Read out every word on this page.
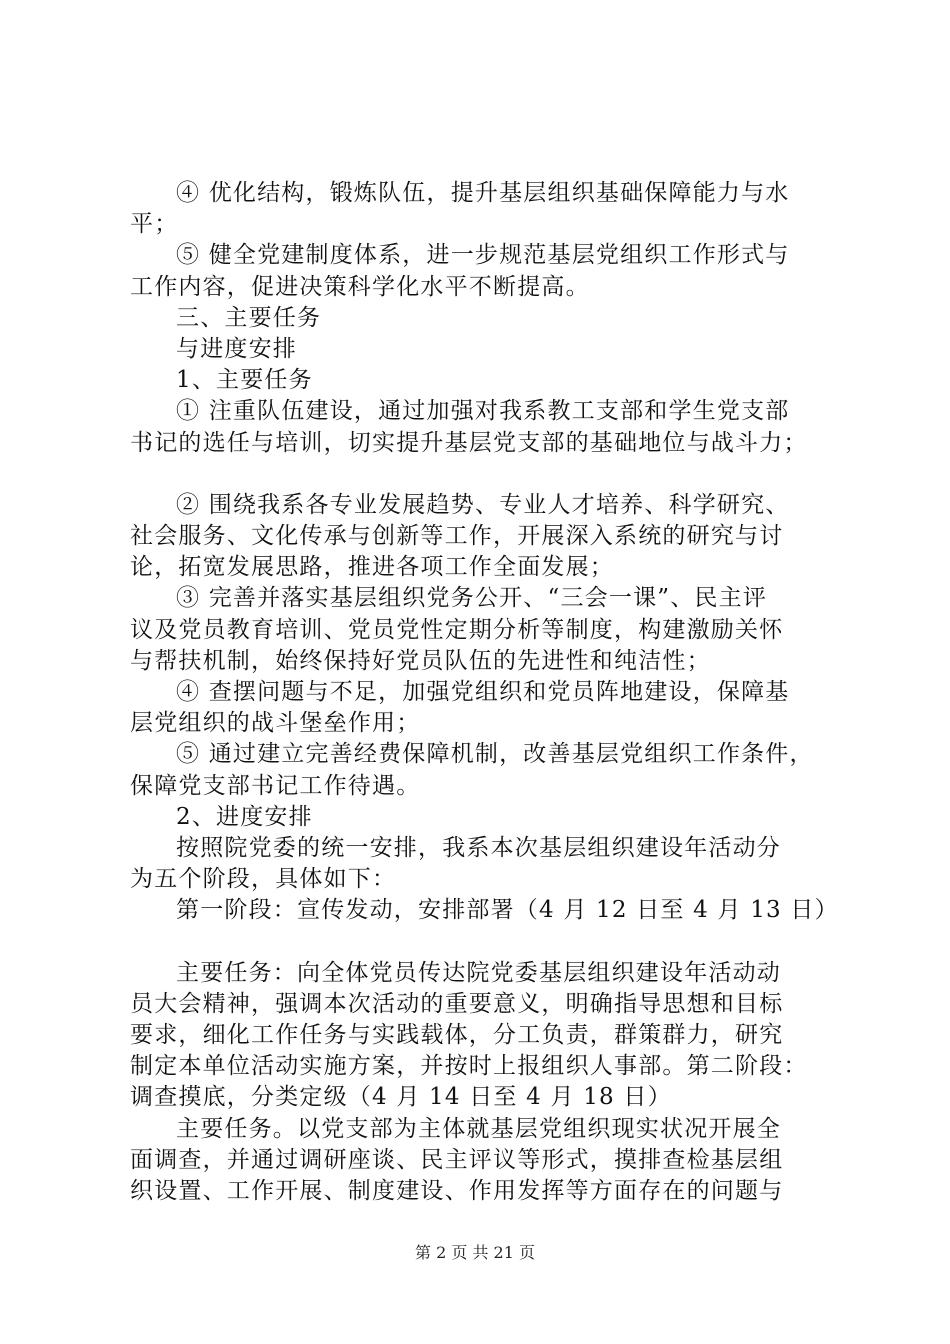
④ 优化结构，锻炼队伍，提升基层组织基础保障能力与水
平；
⑤ 健全党建制度体系，进一步规范基层党组织工作形式与
工作内容，促进决策科学化水平不断提高。
三、主要任务
与进度安排
1、主要任务
① 注重队伍建设，通过加强对我系教工支部和学生党支部
书记的选任与培训，切实提升基层党支部的基础地位与战斗力；
② 围绕我系各专业发展趋势、专业人才培养、科学研究、
社会服务、文化传承与创新等工作，开展深入系统的研究与讨
论，拓宽发展思路，推进各项工作全面发展；
③ 完善并落实基层组织党务公开、“三会一课”、民主评
议及党员教育培训、党员党性定期分析等制度，构建激励关怀
与帮扶机制，始终保持好党员队伍的先进性和纯洁性；
④ 查摆问题与不足，加强党组织和党员阵地建设，保障基
层党组织的战斗堡垒作用；
⑤ 通过建立完善经费保障机制，改善基层党组织工作条件，
保障党支部书记工作待遇。
2、进度安排
按照院党委的统一安排，我系本次基层组织建设年活动分
为五个阶段，具体如下：
第一阶段：宣传发动，安排部署（4 月 12 日至 4 月 13 日）
主要任务：向全体党员传达院党委基层组织建设年活动动
员大会精神，强调本次活动的重要意义，明确指导思想和目标
要求，细化工作任务与实践载体，分工负责，群策群力，研究
制定本单位活动实施方案，并按时上报组织人事部。第二阶段：
调查摸底，分类定级（4 月 14 日至 4 月 18 日）
主要任务。以党支部为主体就基层党组织现实状况开展全
面调查，并通过调研座谈、民主评议等形式，摸排查检基层组
织设置、工作开展、制度建设、作用发挥等方面存在的问题与
第 2 页 共 21 页
